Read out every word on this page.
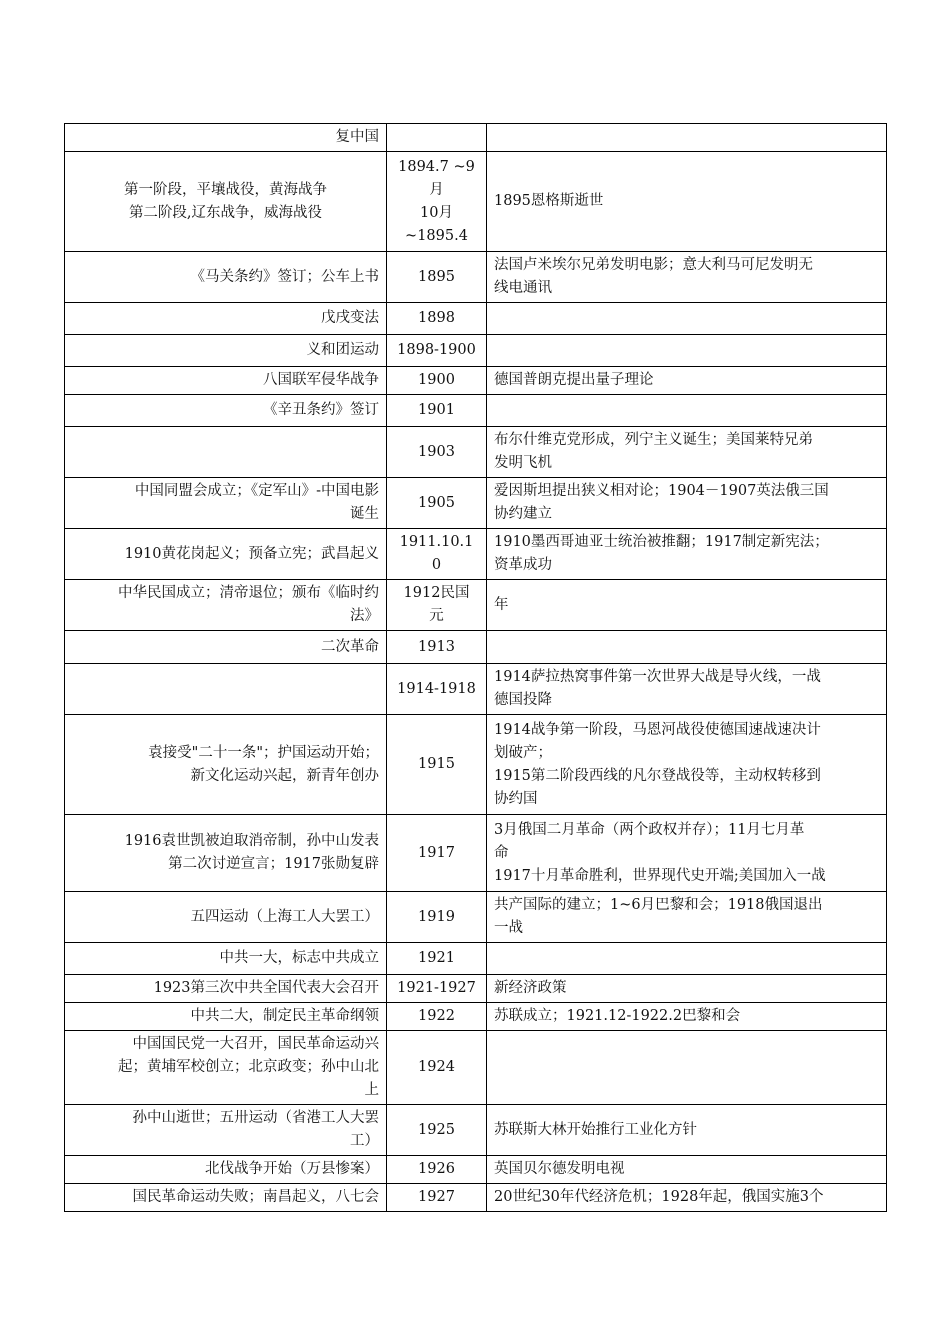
复中国		

第一阶段，平壤战役，黄海战争
第二阶段,辽东战争，威海战役	1894.7 ~9
月
10月
~1895.4	1895恩格斯逝世

《马关条约》签订；公车上书	1895	法国卢米埃尔兄弟发明电影；意大利马可尼发明无
线电通讯

戊戌变法	1898	

义和团运动	1898-1900	

八国联军侵华战争	1900	德国普朗克提出量子理论

《辛丑条约》签订	1901	

	1903	布尔什维克党形成，列宁主义诞生；美国莱特兄弟
发明飞机

中国同盟会成立；《定军山》-中国电影
诞生	1905	爱因斯坦提出狭义相对论；1904－1907英法俄三国
协约建立

1910黄花岗起义；预备立宪；武昌起义	1911.10.1
0	1910墨西哥迪亚士统治被推翻；1917制定新宪法；
资革成功

中华民国成立；清帝退位；颁布《临时约
法》	1912民国
元	年

二次革命	1913	

	1914-1918	1914萨拉热窝事件第一次世界大战是导火线，一战
德国投降

袁接受"二十一条"；护国运动开始；
新文化运动兴起，新青年创办	1915	1914战争第一阶段，马恩河战役使德国速战速决计
划破产；
1915第二阶段西线的凡尔登战役等，主动权转移到
协约国

1916袁世凯被迫取消帝制，孙中山发表
第二次讨逆宣言；1917张勋复辟	1917	3月俄国二月革命（两个政权并存）；11月七月革
命
1917十月革命胜利，世界现代史开端;美国加入一战

五四运动（上海工人大罢工）	1919	共产国际的建立；1~6月巴黎和会；1918俄国退出
一战

中共一大，标志中共成立	1921	

1923第三次中共全国代表大会召开	1921-1927	新经济政策

中共二大，制定民主革命纲领	1922	苏联成立；1921.12-1922.2巴黎和会

中国国民党一大召开，国民革命运动兴
起；黄埔军校创立；北京政变；孙中山北
上	1924	

孙中山逝世；五卅运动（省港工人大罢
工）	1925	苏联斯大林开始推行工业化方针

北伐战争开始（万县惨案）	1926	英国贝尔德发明电视

国民革命运动失败；南昌起义，八七会	1927	20世纪30年代经济危机；1928年起，俄国实施3个
